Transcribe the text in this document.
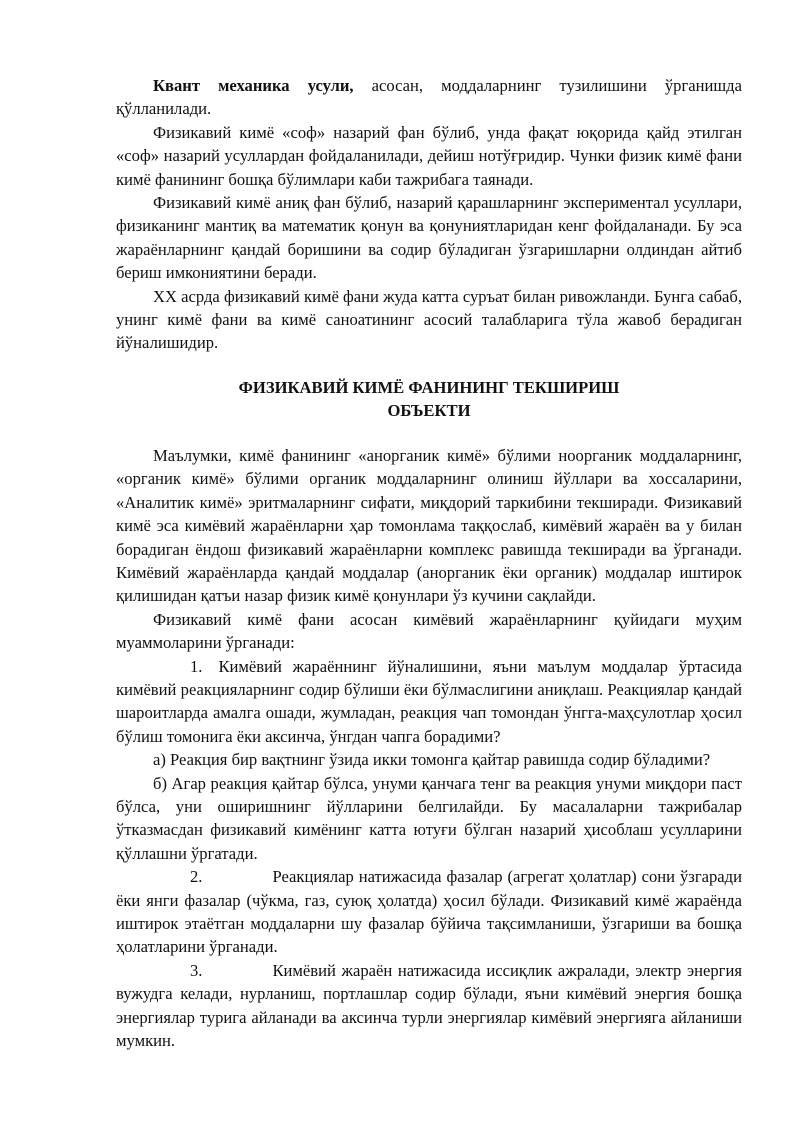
Квант механика усули, асосан, моддаларнинг тузилишини ўрганишда қўлланилади.

Физикавий кимё «соф» назарий фан бўлиб, унда фақат юқорида қайд этилган «соф» назарий усуллардан фойдаланилади, дейиш нотўғридир. Чунки физик кимё фани кимё фанининг бошқа бўлимлари каби тажрибага таянади.

Физикавий кимё аниқ фан бўлиб, назарий қарашларнинг экспериментал усуллари, физиканинг мантиқ ва математик қонун ва қонуниятларидан кенг фойдаланади. Бу эса жараёнларнинг қандай боришини ва содир бўладиган ўзгаришларни олдиндан айтиб бериш имкониятини беради.

XX асрда физикавий кимё фани жуда катта суръат билан ривожланди. Бунга сабаб, унинг кимё фани ва кимё саноатининг асосий талабларига тўла жавоб берадиган йўналишидир.

ФИЗИКАВИЙ КИМЁ ФАНИНИНГ ТЕКШИРИШ
ОБЪЕКТИ

Маълумки, кимё фанининг «анорганик кимё» бўлими ноорганик моддаларнинг, «органик кимё» бўлими органик моддаларнинг олиниш йўллари ва хоссаларини, «Аналитик кимё» эритмаларнинг сифати, миқдорий таркибини текширади. Физикавий кимё эса кимёвий жараёнларни ҳар томонлама таққослаб, кимёвий жараён ва у билан борадиган ёндош физикавий жараёнларни комплекс равишда текширади ва ўрганади. Кимёвий жараёнларда қандай моддалар (анорганик ёки органик) моддалар иштирок қилишидан қатъи назар физик кимё қонунлари ўз кучини сақлайди.

Физикавий кимё фани асосан кимёвий жараёнларнинг қуйидаги муҳим муаммоларини ўрганади:

1. Кимёвий жараённинг йўналишини, яъни маълум моддалар ўртасида кимёвий реакцияларнинг содир бўлиши ёки бўлмаслигини аниқлаш. Реакциялар қандай шароитларда амалга ошади, жумладан, реакция чап томондан ўнгга-маҳсулотлар ҳосил бўлиш томонига ёки аксинча, ўнгдан чапга борадими?

а) Реакция бир вақтнинг ўзида икки томонга қайтар равишда содир бўладими?

б) Агар реакция қайтар бўлса, унуми қанчага тенг ва реакция унуми миқдори паст бўлса, уни оширишнинг йўлларини белгилайди. Бу масалаларни тажрибалар ўтказмасдан физикавий кимёнинг катта ютуғи бўлган назарий ҳисоблаш усулларини қўллашни ўргатади.

2.	Реакциялар натижасида фазалар (агрегат ҳолатлар) сони ўзгаради ёки янги фазалар (чўкма, газ, суюқ ҳолатда) ҳосил бўлади. Физикавий кимё жараёнда иштирок этаётган моддаларни шу фазалар бўйича тақсимланиши, ўзгариши ва бошқа ҳолатларини ўрганади.

3.	Кимёвий жараён натижасида иссиқлик ажралади, электр энергия вужудга келади, нурланиш, портлашлар содир бўлади, яъни кимёвий энергия бошқа энергиялар турига айланади ва аксинча турли энергиялар кимёвий энергияга айланиши мумкин.
